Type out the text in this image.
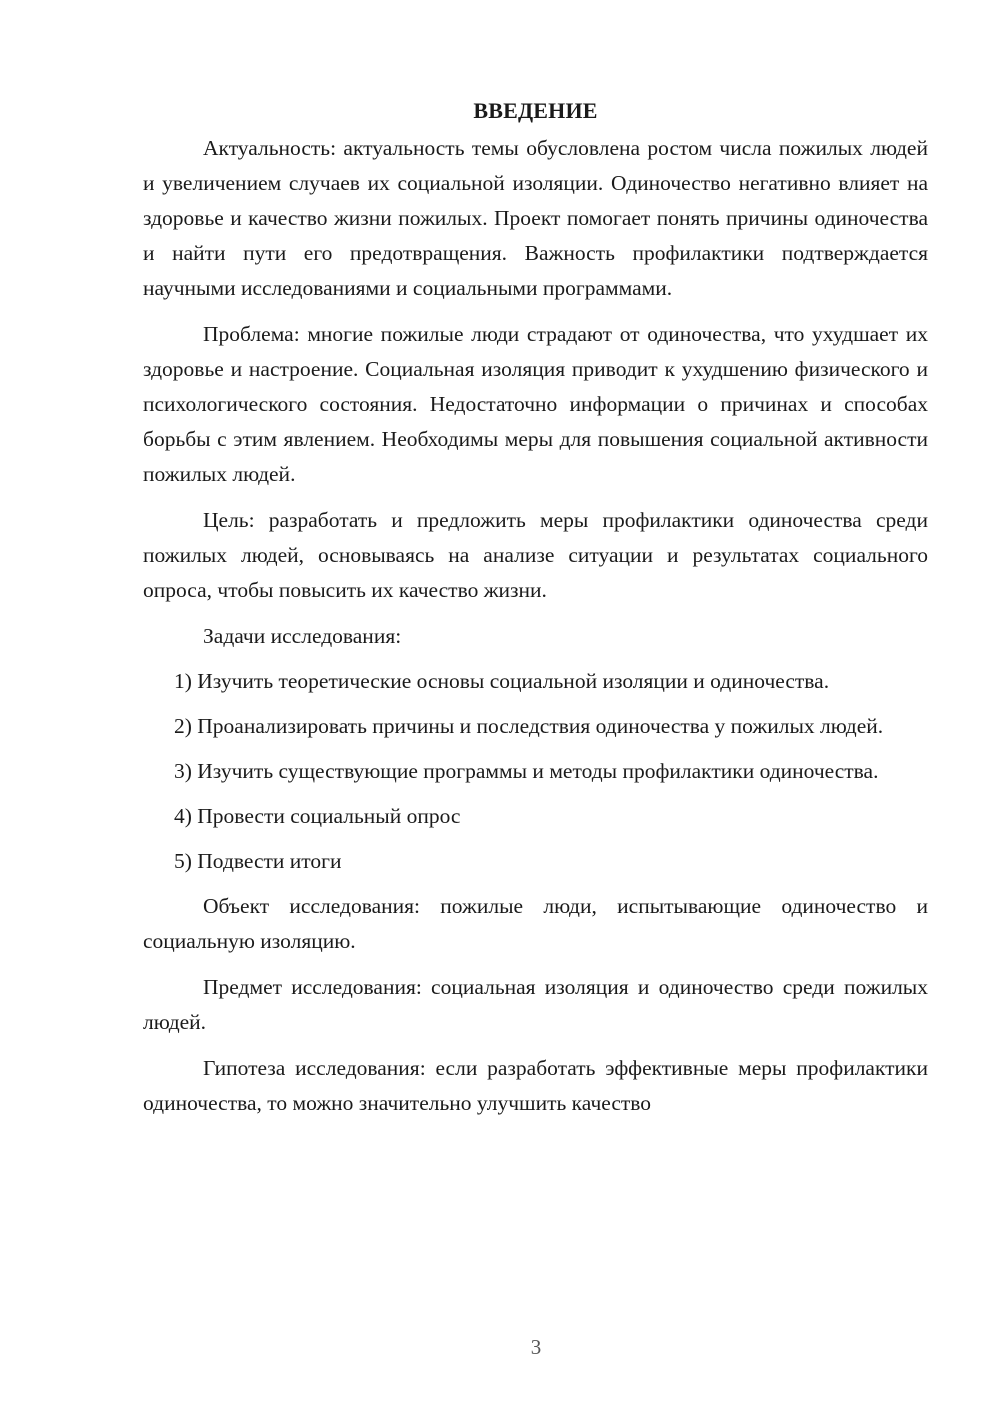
ВВЕДЕНИЕ

Актуальность: актуальность темы обусловлена ростом числа пожилых людей и увеличением случаев их социальной изоляции. Одиночество негативно влияет на здоровье и качество жизни пожилых. Проект помогает понять причины одиночества и найти пути его предотвращения. Важность профилактики подтверждается научными исследованиями и социальными программами.

Проблема: многие пожилые люди страдают от одиночества, что ухудшает их здоровье и настроение. Социальная изоляция приводит к ухудшению физического и психологического состояния. Недостаточно информации о причинах и способах борьбы с этим явлением. Необходимы меры для повышения социальной активности пожилых людей.

Цель: разработать и предложить меры профилактики одиночества среди пожилых людей, основываясь на анализе ситуации и результатах социального опроса, чтобы повысить их качество жизни.

Задачи исследования:

1) Изучить теоретические основы социальной изоляции и одиночества.

2) Проанализировать причины и последствия одиночества у пожилых людей.

3) Изучить существующие программы и методы профилактики одиночества.

4) Провести социальный опрос

5) Подвести итоги

Объект исследования: пожилые люди, испытывающие одиночество и социальную изоляцию.

Предмет исследования: социальная изоляция и одиночество среди пожилых людей.

Гипотеза исследования: если разработать эффективные меры профилактики одиночества, то можно значительно улучшить качество

3
